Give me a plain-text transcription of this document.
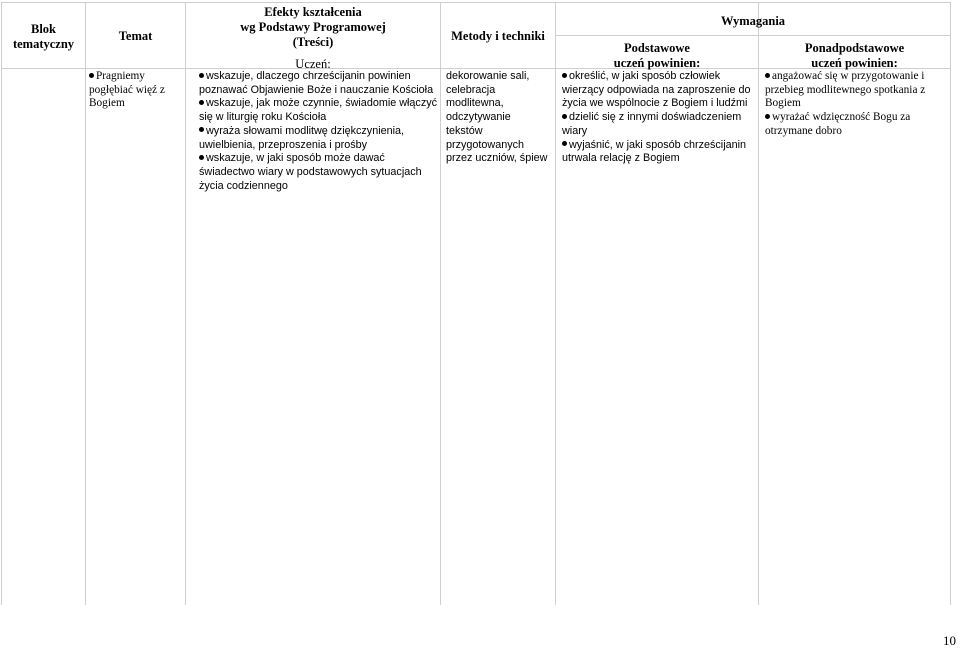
Blok
tematyczny
Temat
Efekty kształcenia
wg Podstawy Programowej
(Treści)
Uczeń:
Metody i techniki
Wymagania
Podstawowe
uczeń powinien:
Ponadpodstawowe
uczeń powinien:
Pragniemy
pogłębiać więź z
Bogiem
wskazuje, dlaczego chrześcijanin powinien
poznawać Objawienie Boże i nauczanie Kościoła
wskazuje, jak może czynnie, świadomie włączyć
się w liturgię roku Kościoła
wyraża słowami modlitwę dziękczynienia,
uwielbienia, przeproszenia i prośby
wskazuje, w jaki sposób może dawać
świadectwo wiary w podstawowych sytuacjach
życia codziennego
dekorowanie sali,
celebracja
modlitewna,
odczytywanie
tekstów
przygotowanych
przez uczniów, śpiew
określić, w jaki sposób człowiek
wierzący odpowiada na zaproszenie do
życia we wspólnocie z Bogiem i ludźmi
dzielić się z innymi doświadczeniem
wiary
wyjaśnić, w jaki sposób chrześcijanin
utrwala relację z Bogiem
angażować się w przygotowanie i
przebieg modlitewnego spotkania z
Bogiem
wyrażać wdzięczność Bogu za
otrzymane dobro
10
